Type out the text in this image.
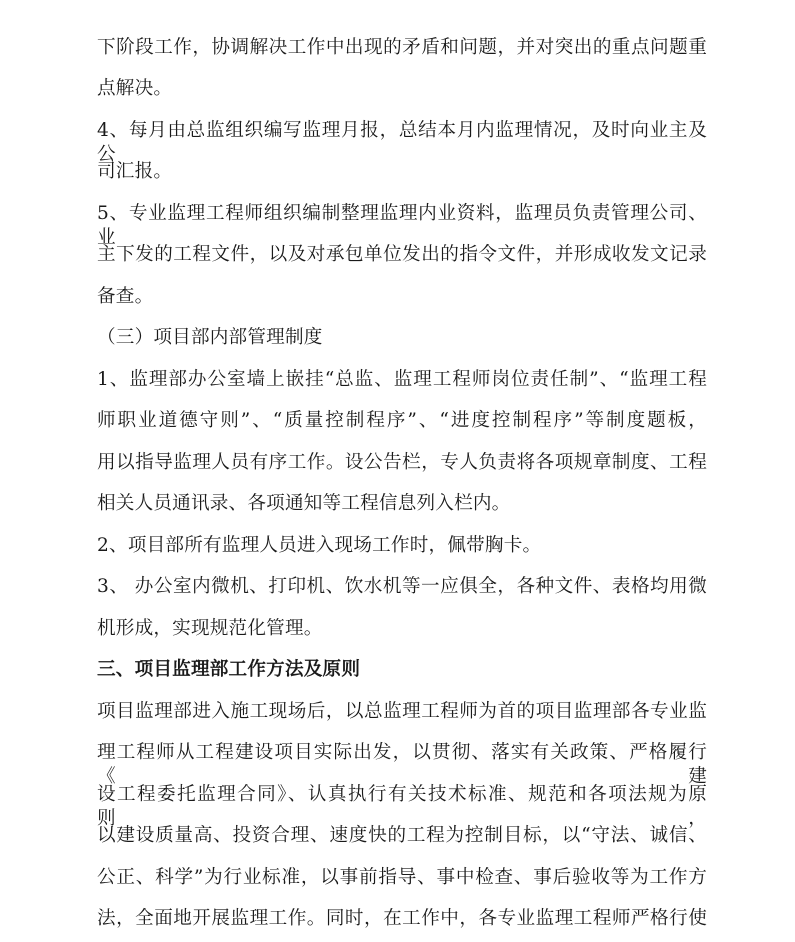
下阶段工作，协调解决工作中出现的矛盾和问题，并对突出的重点问题重
点解决。
4、每月由总监组织编写监理月报，总结本月内监理情况，及时向业主及公
司汇报。
5、专业监理工程师组织编制整理监理内业资料，监理员负责管理公司、业
主下发的工程文件，以及对承包单位发出的指令文件，并形成收发文记录
备查。
（三）项目部内部管理制度
1、监理部办公室墙上嵌挂“总监、监理工程师岗位责任制”、“监理工程
师职业道德守则”、“质量控制程序”、“进度控制程序”等制度题板，
用以指导监理人员有序工作。设公告栏，专人负责将各项规章制度、工程
相关人员通讯录、各项通知等工程信息列入栏内。
2、项目部所有监理人员进入现场工作时，佩带胸卡。
3、 办公室内微机、打印机、饮水机等一应俱全，各种文件、表格均用微
机形成，实现规范化管理。
三、项目监理部工作方法及原则
项目监理部进入施工现场后，以总监理工程师为首的项目监理部各专业监
理工程师从工程建设项目实际出发，以贯彻、落实有关政策、严格履行《建
设工程委托监理合同》、认真执行有关技术标准、规范和各项法规为原则，
以建设质量高、投资合理、速度快的工程为控制目标，以“守法、诚信、
公正、科学”为行业标准，以事前指导、事中检查、事后验收等为工作方
法，全面地开展监理工作。同时，在工作中，各专业监理工程师严格行使
